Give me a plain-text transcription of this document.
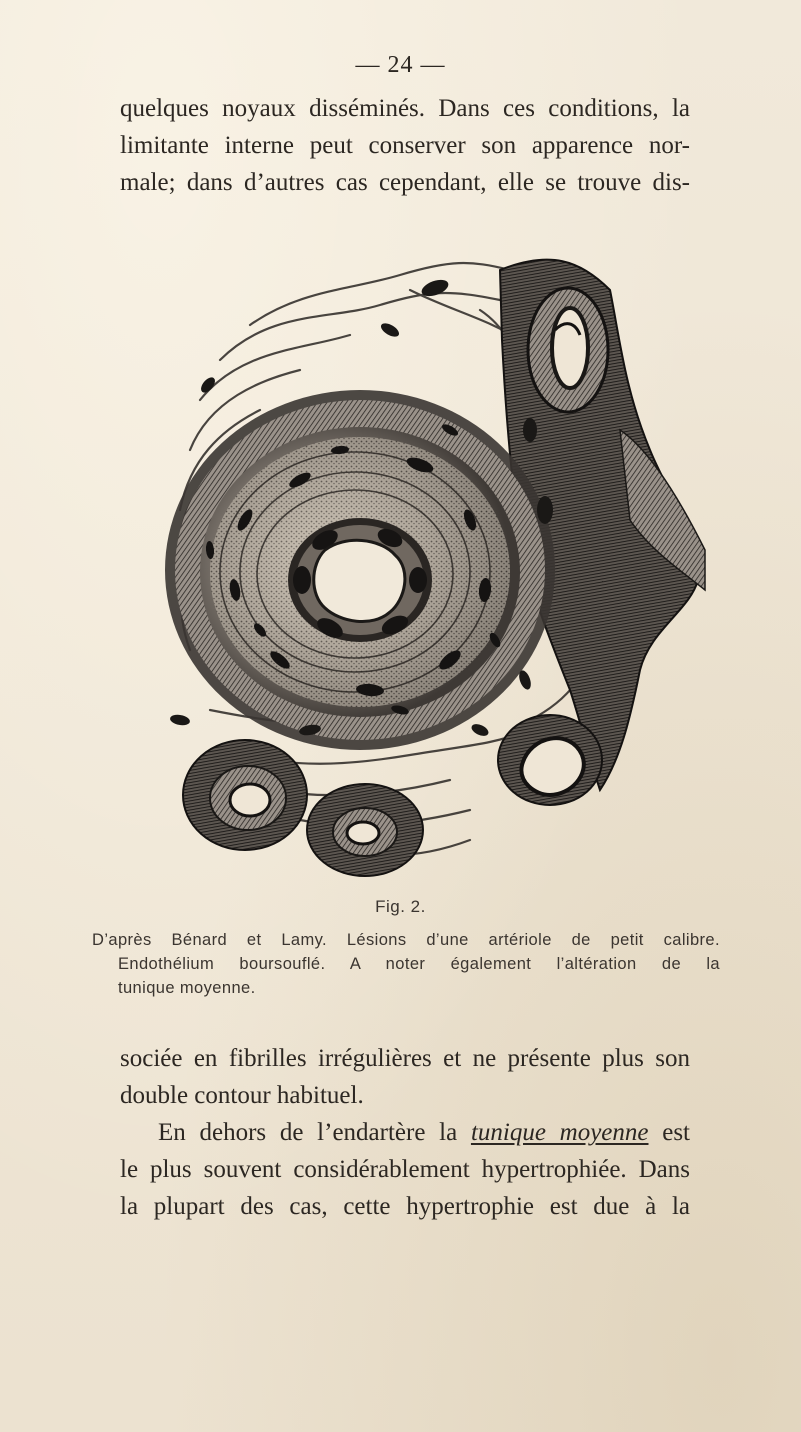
— 24 —

quelques noyaux disséminés. Dans ces conditions, la
limitante interne peut conserver son apparence nor-
male; dans d’autres cas cependant, elle se trouve dis-

Fig. 2.
D’après Bénard et Lamy. Lésions d’une artériole de petit calibre.
Endothélium boursouflé. A noter également l’altération de la
tunique moyenne.

sociée en fibrilles irrégulières et ne présente plus son
double contour habituel.
En dehors de l’endartère la tunique moyenne est
le plus souvent considérablement hypertrophiée. Dans
la plupart des cas, cette hypertrophie est due à la
